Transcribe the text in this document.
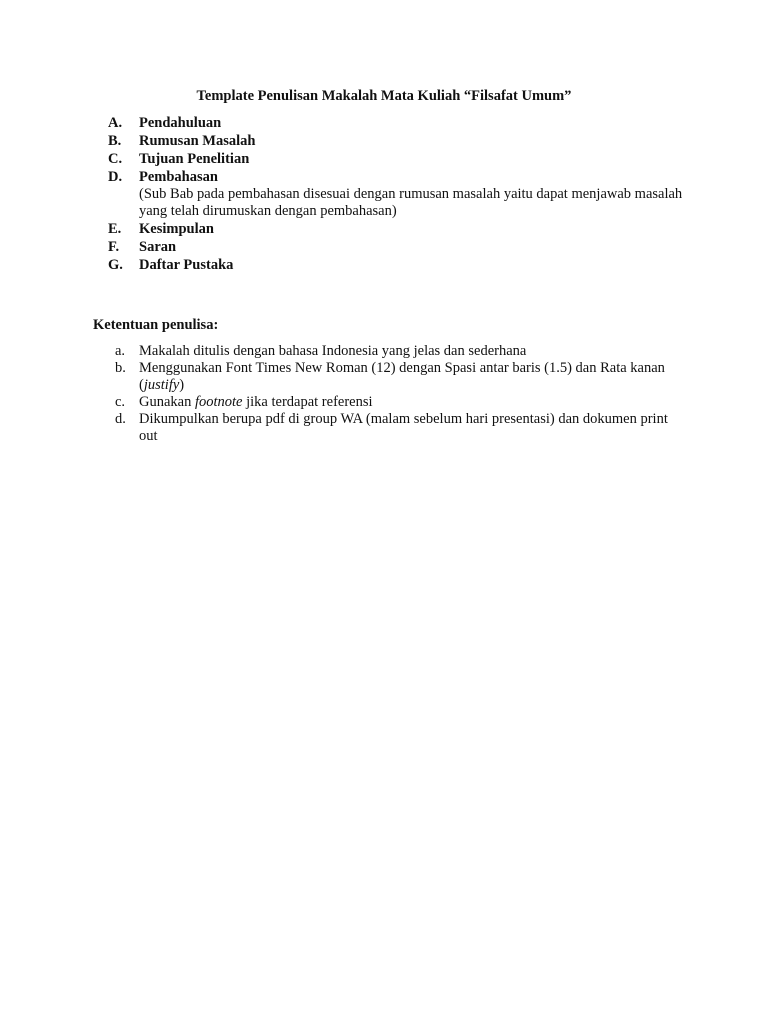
Template Penulisan Makalah Mata Kuliah “Filsafat Umum”
A.	Pendahuluan
B.	Rumusan Masalah
C.	Tujuan Penelitian
D.	Pembahasan
(Sub Bab pada pembahasan disesuai dengan rumusan masalah yaitu dapat menjawab masalah yang telah dirumuskan dengan pembahasan)
E.	Kesimpulan
F.	Saran
G.	Daftar Pustaka
Ketentuan penulisa:
a. Makalah ditulis dengan bahasa Indonesia yang jelas dan sederhana
b. Menggunakan Font Times New Roman (12) dengan Spasi antar baris (1.5) dan Rata kanan (justify)
c. Gunakan footnote jika terdapat referensi
d. Dikumpulkan berupa pdf di group WA (malam sebelum hari presentasi) dan dokumen print out
